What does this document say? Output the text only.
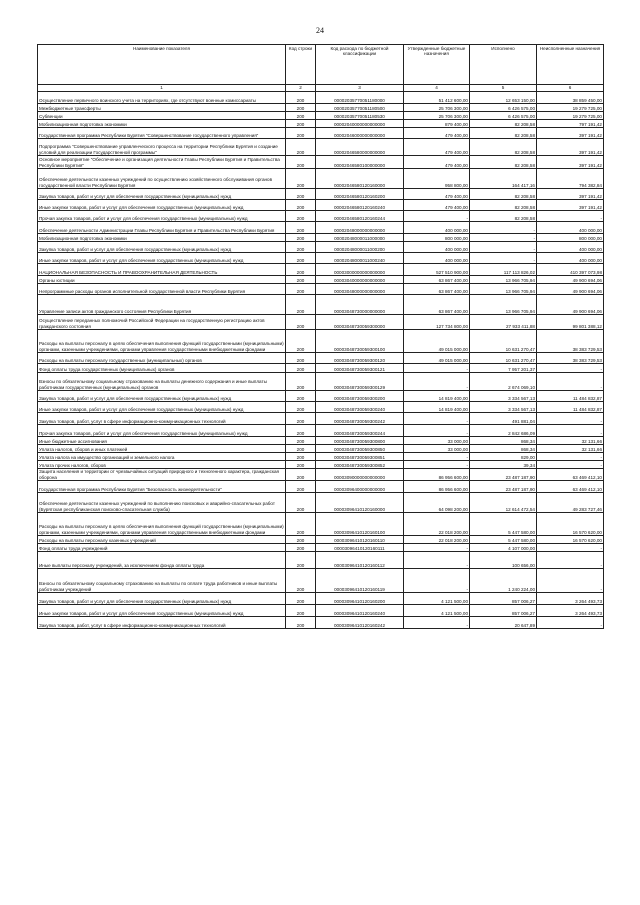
24
Наименование показателя	Код строки	Код расхода по бюджетной классификации	Утвержденные бюджетные назначения	Исполнено	Неисполненные назначения
1	2	3	4	5	6
Осуществление первичного воинского учета на территориях, где отсутствуют военные комиссариаты	200	00002035770051180000	51 412 600,00	12 653 150,00	38 859 450,00
Межбюджетные трансферты	200	00002035770051180500	25 706 300,00	6 426 575,00	19 279 725,00
Субвенции	200	00002035770051180530	25 706 300,00	6 426 575,00	19 279 725,00
Мобилизационная подготовка экономики	200	00002040000000000000	879 400,00	82 208,58	797 191,42
Государственная программа Республики Бурятия "Совершенствование государственного управления"	200	00002046000000000000	479 400,00	82 208,58	397 191,42
Подпрограмма "Совершенствование управленческого процесса на территории Республики Бурятия и создание условий для реализации Государственной программы"	200	00002046580000000000	479 400,00	82 208,58	397 191,42
Основное мероприятие "Обеспечение и организация деятельности Главы Республики Бурятия и Правительства Республики Бурятия"	200	00002046580100000000	479 400,00	82 208,58	397 191,42
Обеспечение деятельности казенных учреждений по осуществлению хозяйственного обслуживания органов государственной власти Республики Бурятия	200	00002046580120160000	958 800,00	164 417,16	794 382,84
Закупка товаров, работ и услуг для обеспечения государственных (муниципальных) нужд	200	00002046580120160200	479 400,00	82 208,58	397 191,42
Иные закупки товаров, работ и услуг для обеспечения государственных (муниципальных) нужд	200	00002046580120160240	479 400,00	82 208,58	397 191,42
Прочая закупка товаров, работ и услуг для обеспечения государственных (муниципальных) нужд	200	00002046580120160244	-	82 208,58	-
Обеспечение деятельности Администрации Главы Республики Бурятия и Правительства Республики Бурятия	200	00002048000000000000	400 000,00	-	400 000,00
Мобилизационная подготовка экономики	200	00002048000011000000	800 000,00	-	800 000,00
Закупка товаров, работ и услуг для обеспечения государственных (муниципальных) нужд	200	00002048000011000200	400 000,00	-	400 000,00
Иные закупки товаров, работ и услуг для обеспечения государственных (муниципальных) нужд	200	00002048000011000240	400 000,00	-	400 000,00
НАЦИОНАЛЬНАЯ БЕЗОПАСНОСТЬ И ПРАВООХРАНИТЕЛЬНАЯ ДЕЯТЕЛЬНОСТЬ	200	00003000000000000000	527 510 900,00	117 113 826,02	410 397 073,98
Органы юстиции	200	00003040000000000000	63 867 400,00	13 966 705,94	49 900 694,06
Непрограммные расходы органов исполнительной государственной власти Республики Бурятия	200	00003048000000000000	63 867 400,00	13 966 705,94	49 900 694,06
Управление записи актов гражданского состояния Республики Бурятия	200	00003048730000000000	63 867 400,00	13 966 705,94	49 900 694,06
Осуществление переданных полномочий Российской Федерации на государственную регистрацию актов гражданского состояния	200	00003048730059300000	127 734 800,00	27 933 411,88	99 801 388,12
Расходы на выплаты персоналу в целях обеспечения выполнения функций государственными (муниципальными) органами, казенными учреждениями, органами управления государственными внебюджетными фондами	200	00003048730059300100	49 015 000,00	10 631 270,47	38 383 729,53
Расходы на выплаты персоналу государственных (муниципальных) органов	200	00003048730059300120	49 015 000,00	10 631 270,47	38 383 729,53
Фонд оплаты труда государственных (муниципальных) органов	200	00003048730059300121	-	7 957 201,37	-
Взносы по обязательному социальному страхованию на выплаты денежного содержания и иные выплаты работникам государственных (муниципальных) органов	200	00003048730059300129	-	2 674 069,10	-
Закупка товаров, работ и услуг для обеспечения государственных (муниципальных) нужд	200	00003048730059300200	14 819 400,00	3 334 567,13	11 484 832,87
Иные закупки товаров, работ и услуг для обеспечения государственных (муниципальных) нужд	200	00003048730059300240	14 819 400,00	3 334 567,13	11 484 832,87
Закупка товаров, работ, услуг в сфере информационно-коммуникационных технологий	200	00003048730059300242	-	491 881,04	-
Прочая закупка товаров, работ и услуг для обеспечения государственных (муниципальных) нужд	200	00003048730059300244	-	2 842 686,09	-
Иные бюджетные ассигнования	200	00003048730059300800	33 000,00	868,34	32 131,66
Уплата налогов, сборов и иных платежей	200	00003048730059300850	33 000,00	868,34	32 131,66
Уплата налога на имущество организаций и земельного налога	200	00003048730059300851	-	829,00	-
Уплата прочих налогов, сборов	200	00003048730059300852	-	39,34	-
Защита населения и территории от чрезвычайных ситуаций природного и техногенного характера, гражданская оборона	200	00003090000000000000	86 956 600,00	23 487 187,90	63 469 412,10
Государственная программа Республики Бурятия "Безопасность жизнедеятельности"	200	00003096400000000000	86 956 600,00	23 487 187,90	63 469 412,10
Обеспечение деятельности казенных учреждений по выполнению поисковых и аварийно-спасательных работ (Бурятская республиканская поисково-спасательная служба)	200	00003096410120160000	64 098 200,00	12 614 472,54	49 283 727,46
Расходы на выплаты персоналу в целях обеспечения выполнения функций государственными (муниципальными) органами, казенными учреждениями, органами управления государственными внебюджетными фондами	200	00003096410120160100	22 018 200,00	5 447 580,00	16 570 620,00
Расходы на выплаты персоналу казенных учреждений	200	00003096410120160110	22 018 200,00	5 447 580,00	16 570 620,00
Фонд оплаты труда учреждений	200	00003096410120160111	-	4 107 000,00	-
Иные выплаты персоналу учреждений, за исключением фонда оплаты труда	200	00003096410120160112	-	100 656,00	-
Взносы по обязательному социальному страхованию на выплаты по оплате труда работников и иные выплаты работникам учреждений	200	00003096410120160119	-	1 240 224,00	-
Закупка товаров, работ и услуг для обеспечения государственных (муниципальных) нужд	200	00003096410120160200	4 121 500,00	857 006,27	3 264 493,73
Иные закупки товаров, работ и услуг для обеспечения государственных (муниципальных) нужд	200	00003096410120160240	4 121 500,00	857 006,27	3 264 493,73
Закупка товаров, работ, услуг в сфере информационно-коммуникационных технологий	200	00003096410120160242	-	20 647,89	-
